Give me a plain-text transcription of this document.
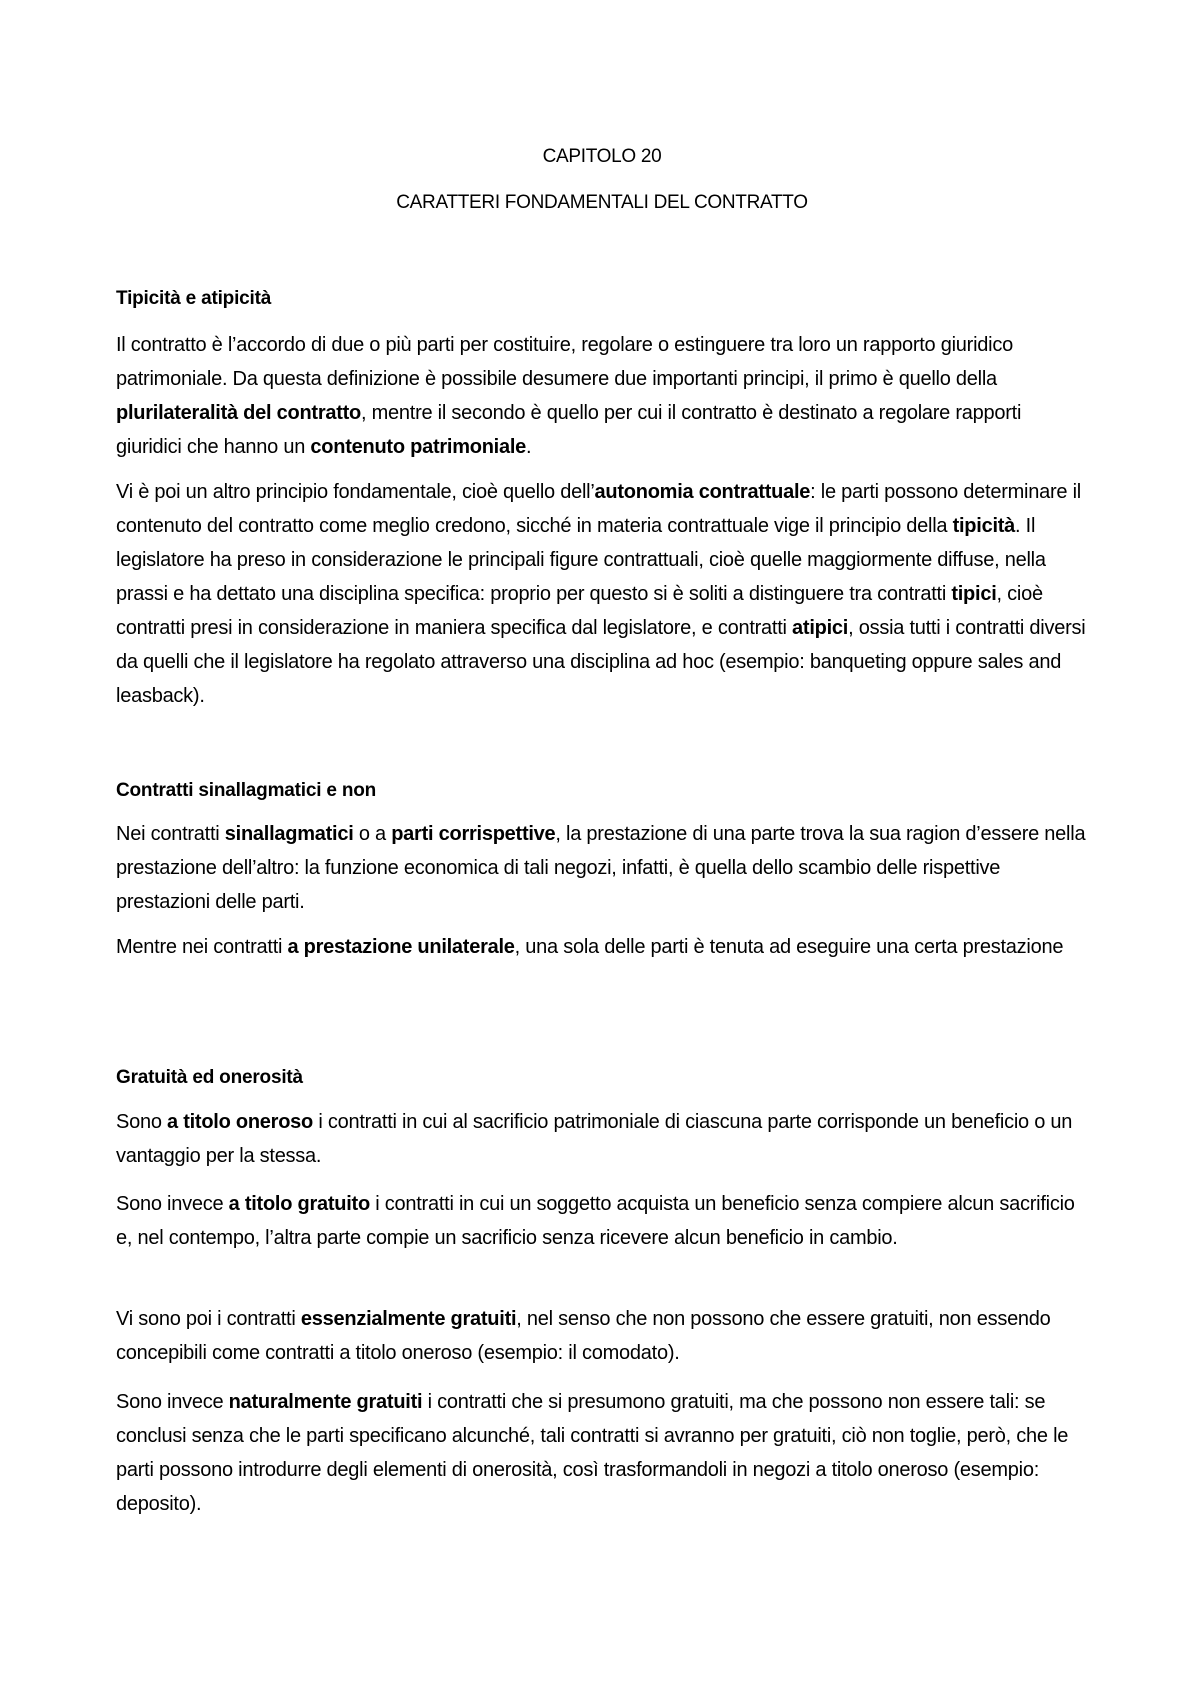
CAPITOLO 20
CARATTERI FONDAMENTALI DEL CONTRATTO
Tipicità e atipicità
Il contratto è l’accordo di due o più parti per costituire, regolare o estinguere tra loro un rapporto giuridico patrimoniale. Da questa definizione è possibile desumere due importanti principi, il primo è quello della plurilateralità del contratto, mentre il secondo è quello per cui il contratto è destinato a regolare rapporti giuridici che hanno un contenuto patrimoniale.
Vi è poi un altro principio fondamentale, cioè quello dell’autonomia contrattuale: le parti possono determinare il contenuto del contratto come meglio credono, sicché in materia contrattuale vige il principio della tipicità. Il legislatore ha preso in considerazione le principali figure contrattuali, cioè quelle maggiormente diffuse, nella prassi e ha dettato una disciplina specifica: proprio per questo si è soliti a distinguere tra contratti tipici, cioè contratti presi in considerazione in maniera specifica dal legislatore, e contratti atipici, ossia tutti i contratti diversi da quelli che il legislatore ha regolato attraverso una disciplina ad hoc (esempio: banqueting oppure sales and leasback).
Contratti sinallagmatici e non
Nei contratti sinallagmatici o a parti corrispettive, la prestazione di una parte trova la sua ragion d’essere nella prestazione dell’altro: la funzione economica di tali negozi, infatti, è quella dello scambio delle rispettive prestazioni delle parti.
Mentre nei contratti a prestazione unilaterale, una sola delle parti è tenuta ad eseguire una certa prestazione
Gratuità ed onerosità
Sono a titolo oneroso i contratti in cui al sacrificio patrimoniale di ciascuna parte corrisponde un beneficio o un vantaggio per la stessa.
Sono invece a titolo gratuito i contratti in cui un soggetto acquista un beneficio senza compiere alcun sacrificio e, nel contempo, l’altra parte compie un sacrificio senza ricevere alcun beneficio in cambio.
Vi sono poi i contratti essenzialmente gratuiti, nel senso che non possono che essere gratuiti, non essendo concepibili come contratti a titolo oneroso (esempio: il comodato).
Sono invece naturalmente gratuiti i contratti che si presumono gratuiti, ma che possono non essere tali: se conclusi senza che le parti specificano alcunché, tali contratti si avranno per gratuiti, ciò non toglie, però, che le parti possono introdurre degli elementi di onerosità, così trasformandoli in negozi a titolo oneroso (esempio: deposito).
